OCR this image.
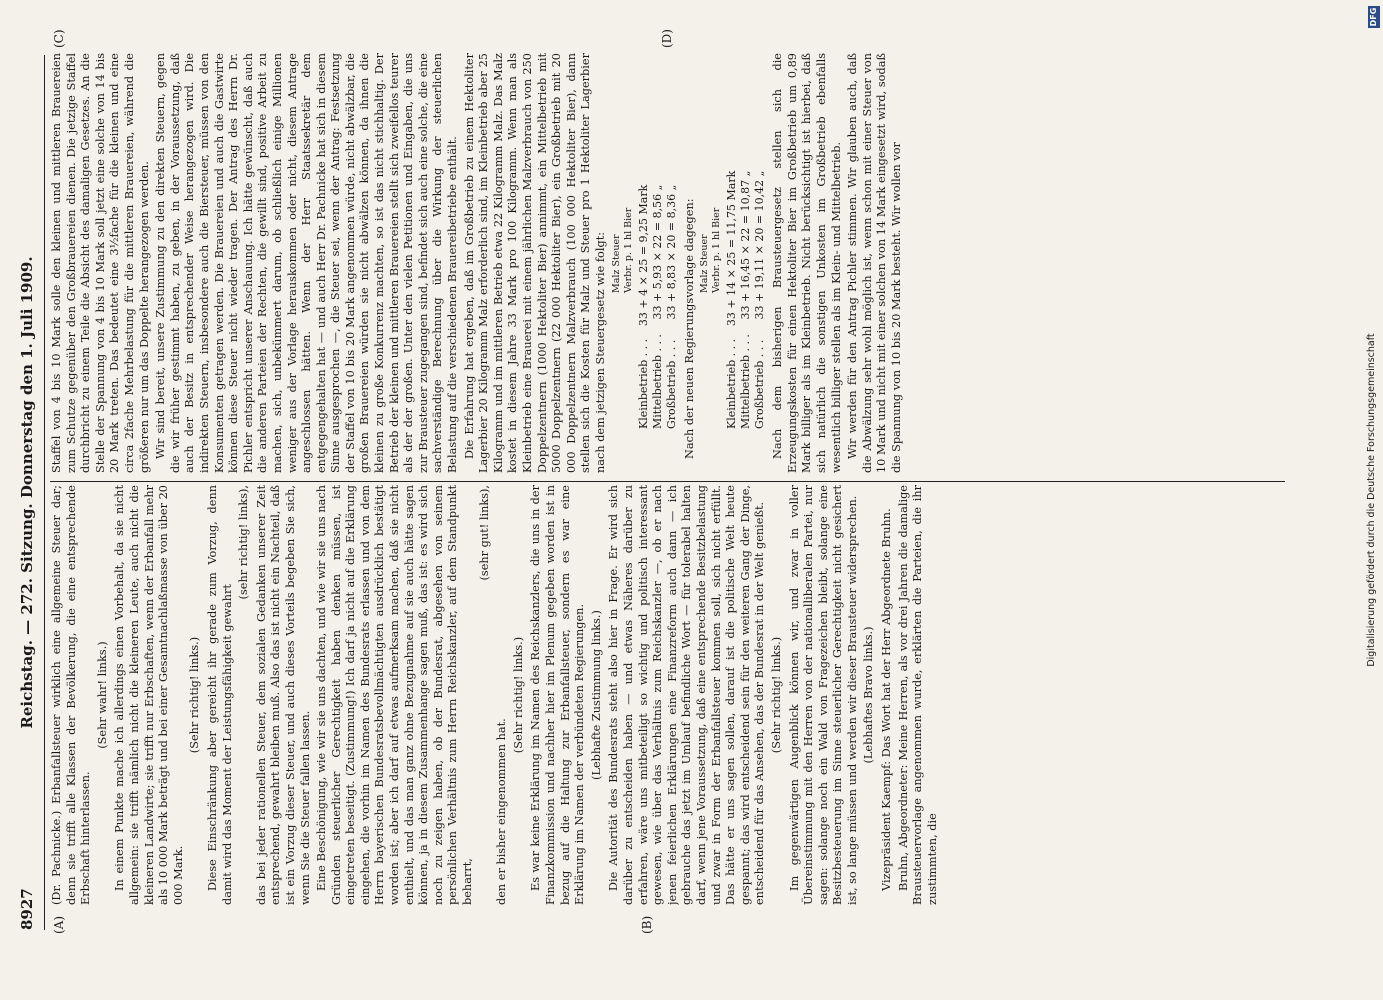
8927
Reichstag. — 272. Sitzung. Donnerstag den 1. Juli 1909.
(A)	(B)
(C)	(D)

(Dr. Pachnicke.) Erbanfallsteuer wirklich eine allgemeine Steuer dar; denn sie trifft alle Klassen der Bevölkerung, die eine entsprechende Erbschaft hinterlassen.

(Sehr wahr! links.) In einem Punkte mache ich allerdings einen Vorbehalt, da sie nicht allgemein: sie trifft nämlich nicht die kleineren Leute, auch nicht die kleineren Landwirte; sie trifft nur Erbschaften, wenn der Erbanfall mehr als 10 000 Mark beträgt und bei einer Gesamtnachlaßmasse von über 20 000 Mark.

(Sehr richtig! links.) Diese Einschränkung aber gereicht ihr gerade zum Vorzug, denn damit wird das Moment der Leistungsfähigkeit gewahrt

(sehr richtig! links), das bei jeder rationellen Steuer, dem sozialen Gedanken unserer Zeit entsprechend, gewahrt bleiben muß. Also das ist nicht ein Nachteil, daß ist ein Vorzug dieser Steuer, und auch dieses Vorteils begeben Sie sich, wenn Sie die Steuer fallen lassen. Eine Beschönigung, wie wir sie uns dachten, und wie wir sie uns nach Gründen steuerlicher Gerechtigkeit haben denken müssen, ist eingetreten beseitigt. (Zustimmung!) Ich darf ja nicht auf die Erklärung eingehen, die vorhin im Namen des Bundesrats erlassen und von dem Herrn bayerischen Bundesratsbevollmächtigten ausdrücklich bestätigt worden ist; aber ich darf auf etwas aufmerksam machen, daß sie nicht enthielt, und das man ganz ohne Bezugnahme auf sie auch hätte sagen können, ja in diesem Zusammenhange sagen muß, das ist: es wird sich noch zu zeigen haben, ob der Bundesrat, abgesehen von seinem persönlichen Verhältnis zum Herrn Reichskanzler, auf dem Standpunkt beharrt,

(sehr gut! links),

den er bisher eingenommen hat.

(Sehr richtig! links.) Es war keine Erklärung im Namen des Reichskanzlers, die uns in der Finanzkommission und nachher hier im Plenum gegeben worden ist in bezug auf die Haltung zur Erbanfallsteuer, sondern es war eine Erklärung im Namen der verbündeten Regierungen. (Lebhafte Zustimmung links.) Die Autorität des Bundesrats steht also hier in Frage. Er wird sich darüber zu entscheiden haben — und etwas Näheres darüber zu erfahren, wäre uns mitbeteiligt so wichtig und politisch interessant gewesen, wie über das Verhältnis zum Reichskanzler —, ob er nach jenen feierlichen Erklärungen eine Finanzreform auch dann — ich gebrauche das jetzt im Umlauf befindliche Wort — für tolerabel halten darf, wenn jene Voraussetzung, daß eine entsprechende Besitzbelastung und zwar in Form der Erbanfallsteuer kommen soll, sich nicht erfüllt. Das hätte er uns sagen sollen, darauf ist die politische Welt heute gespannt; das wird entscheidend sein für den weiteren Gang der Dinge, entscheidend für das Ansehen, das der Bundesrat in der Welt genießt. (Sehr richtig! links.) Im gegenwärtigen Augenblick können wir, und zwar in voller Übereinstimmung mit den Herren von der nationalliberalen Partei, nur sagen: solange noch ein Wald von Fragezeichen bleibt, solange eine Besitzbesteuerung im Sinne steuerlicher Gerechtigkeit nicht gesichert ist, so lange müssen und werden wir dieser Brausteuer widersprechen. (Lebhaftes Bravo links.) Vizepräsident Kaempf: Das Wort hat der Herr Abgeordnete Bruhn. Bruhn, Abgeordneter: Meine Herren, als vor drei Jahren die damalige Brausteuervorlage angenommen wurde, erklärten die Parteien, die ihr zustimmten, die

Staffel von 4 bis 10 Mark solle den kleinen und mittleren Brauereien zum Schutze gegenüber den Großbrauereien dienen. Die jetzige Staffel durchbricht zu einem Teile die Absicht des damaligen Gesetzes. An die Stelle der Spannung von 4 bis 10 Mark soll jetzt eine solche von 14 bis 20 Mark treten. Das bedeutet eine 3½fache für die kleinen und eine circa 2fache Mehrbelastung für die mittleren Brauereien, während die größeren nur um das Doppelte herangezogen werden. Wir sind bereit, unsere Zustimmung zu den direkten Steuern, gegen die wir früher gestimmt haben, zu geben, in der Voraussetzung, daß auch der Besitz in entsprechender Weise herangezogen wird. Die indirekten Steuern, insbesondere auch die Biersteuer, müssen von den Konsumenten getragen werden. Die Brauereien und auch die Gastwirte können diese Steuer nicht wieder tragen. Der Antrag des Herrn Dr. Pichler entspricht unserer Anschauung. Ich hätte gewünscht, daß auch die anderen Parteien der Rechten, die gewillt sind, positive Arbeit zu machen, sich, unbekümmert darum, ob schließlich einige Millionen weniger aus der Vorlage herauskommen oder nicht, diesem Antrage angeschlossen hätten. Wenn der Herr Staatssekretär dem entgegengehalten hat — und auch Herr Dr. Pachnicke hat sich in diesem Sinne ausgesprochen —, die Steuer sei, wenn der Antrag: Festsetzung der Staffel von 10 bis 20 Mark angenommen würde, nicht abwälzbar, die großen Brauereien würden sie nicht abwälzen können, da ihnen die kleinen zu große Konkurrenz machten, so ist das nicht stichhaltig. Der Betrieb der kleinen und mittleren Brauereien stellt sich zweifellos teurer als der der großen. Unter den vielen Petitionen und Eingaben, die uns zur Brausteuer zugegangen sind, befindet sich auch eine solche, die eine sachverständige Berechnung über die Wirkung der steuerlichen Belastung auf die verschiedenen Brauereibetriebe enthält. Die Erfahrung hat ergeben, daß im Großbetrieb zu einem Hektoliter Lagerbier 20 Kilogramm Malz erforderlich sind, im Kleinbetrieb aber 25 Kilogramm und im mittleren Betrieb etwa 22 Kilogramm Malz. Das Malz kostet in diesem Jahre 33 Mark pro 100 Kilogramm. Wenn man als Kleinbetrieb eine Brauerei mit einem jährlichen Malzverbrauch von 250 Doppelzentnern (1000 Hektoliter Bier) annimmt, ein Mittelbetrieb mit 5000 Doppelzentnern (22 000 Hektoliter Bier), ein Großbetrieb mit 20 000 Doppelzentnern Malzverbrauch (100 000 Hektoliter Bier), dann stellen sich die Kosten für Malz und Steuer pro 1 Hektoliter Lagerbier nach dem jetzigen Steuergesetz wie folgt: Malz Steuer Verbr. p. 1 hl Bier
Kleinbetrieb . . .	33 + 4 × 25 = 9,25 Mark
Mittelbetrieb . . .	33 + 5,93 × 22 = 8,56 „
Großbetrieb . . .	33 + 8,83 × 20 = 8,36 „ Nach der neuen Regierungsvorlage dagegen: Malz Steuer Verbr. p. 1 hl Bier
Kleinbetrieb . . .	33 + 14 × 25 = 11,75 Mark
Mittelbetrieb . . .	33 + 16,45 × 22 = 10,87 „
Großbetrieb . . .	33 + 19,11 × 20 = 10,42 „ Nach dem bisherigen Brausteuergesetz stellen sich die Erzeugungskosten für einen Hektoliter Bier im Großbetrieb um 0,89 Mark billiger als im Kleinbetrieb. Nicht berücksichtigt ist hierbei, daß sich natürlich die sonstigen Unkosten im Großbetrieb ebenfalls wesentlich billiger stellen als im Klein- und Mittelbetrieb. Wir werden für den Antrag Pichler stimmen. Wir glauben auch, daß die Abwälzung sehr wohl möglich ist, wenn schon mit einer Steuer von 10 Mark und nicht mit einer solchen von 14 Mark eingesetzt wird, sodaß die Spannung von 10 bis 20 Mark besteht. Wir wollen vor

Digitalisierung gefördert durch die Deutsche Forschungsgemeinschaft
DFG
